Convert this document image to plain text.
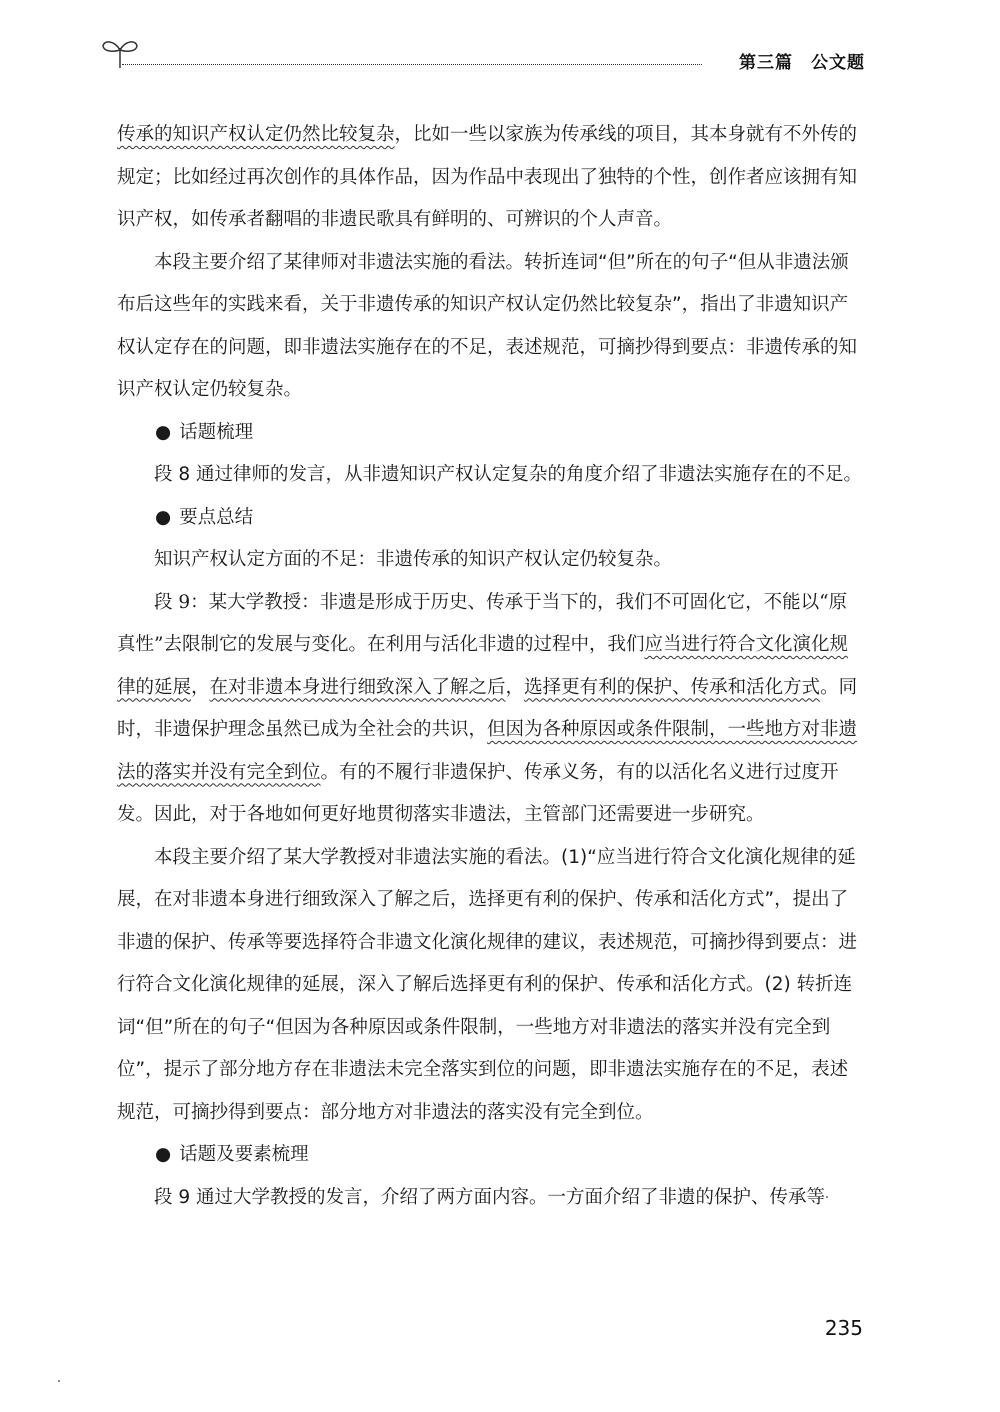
第三篇　公文题

传承的知识产权认定仍然比较复杂，比如一些以家族为传承线的项目，其本身就有不外传的规定；比如经过再次创作的具体作品，因为作品中表现出了独特的个性，创作者应该拥有知识产权，如传承者翻唱的非遗民歌具有鲜明的、可辨识的个人声音。

本段主要介绍了某律师对非遗法实施的看法。转折连词“但”所在的句子“但从非遗法颁布后这些年的实践来看，关于非遗传承的知识产权认定仍然比较复杂”，指出了非遗知识产权认定存在的问题，即非遗法实施存在的不足，表述规范，可摘抄得到要点：非遗传承的知识产权认定仍较复杂。

● 话题梳理

段 8 通过律师的发言，从非遗知识产权认定复杂的角度介绍了非遗法实施存在的不足。

● 要点总结

知识产权认定方面的不足：非遗传承的知识产权认定仍较复杂。

段 9：某大学教授：非遗是形成于历史、传承于当下的，我们不可固化它，不能以“原真性”去限制它的发展与变化。在利用与活化非遗的过程中，我们应当进行符合文化演化规律的延展，在对非遗本身进行细致深入了解之后，选择更有利的保护、传承和活化方式。同时，非遗保护理念虽然已成为全社会的共识，但因为各种原因或条件限制，一些地方对非遗法的落实并没有完全到位。有的不履行非遗保护、传承义务，有的以活化名义进行过度开发。因此，对于各地如何更好地贯彻落实非遗法，主管部门还需要进一步研究。

本段主要介绍了某大学教授对非遗法实施的看法。(1)“应当进行符合文化演化规律的延展，在对非遗本身进行细致深入了解之后，选择更有利的保护、传承和活化方式”，提出了非遗的保护、传承等要选择符合非遗文化演化规律的建议，表述规范，可摘抄得到要点：进行符合文化演化规律的延展，深入了解后选择更有利的保护、传承和活化方式。(2) 转折连词“但”所在的句子“但因为各种原因或条件限制，一些地方对非遗法的落实并没有完全到位”，提示了部分地方存在非遗法未完全落实到位的问题，即非遗法实施存在的不足，表述规范，可摘抄得到要点：部分地方对非遗法的落实没有完全到位。

● 话题及要素梳理

段 9 通过大学教授的发言，介绍了两方面内容。一方面介绍了非遗的保护、传承等

235
